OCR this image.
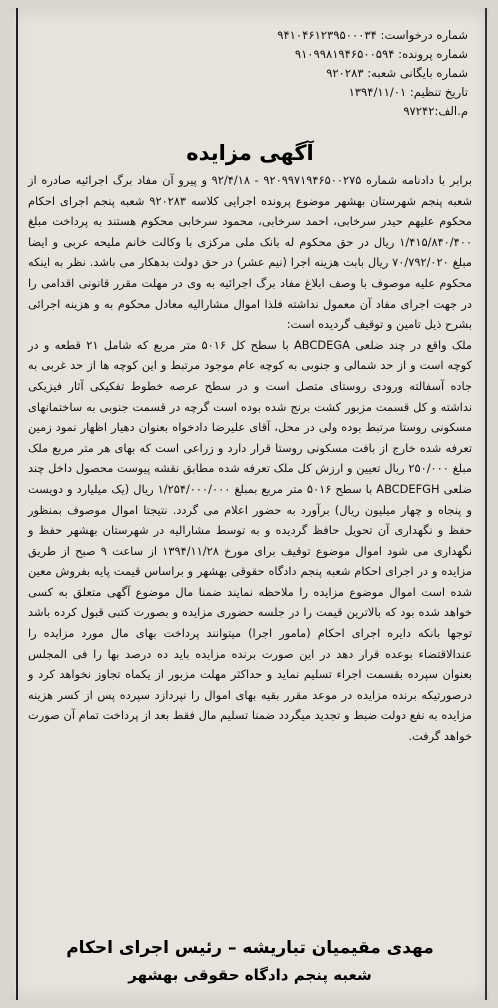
شماره درخواست: ۹۴۱۰۴۶۱۲۳۹۵۰۰۰۳۴
شماره پرونده: ۹۱۰۹۹۸۱۹۴۶۵۰۰۵۹۴
شماره بایگانی شعبه: ۹۲۰۲۸۳
تاریخ تنظیم: ۱۳۹۴/۱۱/۰۱
م.الف:۹۷۲۴۲
آگهی مزایده

برابر با دادنامه شماره ۹۲۰۹۹۷۱۹۴۶۵۰۰۲۷۵ - ۹۲/۴/۱۸ و پیرو آن مفاد برگ اجرائیه صادره از شعبه پنجم شهرستان بهشهر موضوع پرونده اجرایی کلاسه ۹۲۰۲۸۳ شعبه پنجم اجرای احکام محکوم علیهم حیدر سرخابی، احمد سرخابی، محمود سرخابی محکوم هستند به پرداخت مبلغ ۱/۴۱۵/۸۴۰/۴۰۰ ریال در حق محکوم له بانک ملی مرکزی با وکالت خانم ملیحه عربی و ایضا مبلغ ۷۰/۷۹۲/۰۲۰ ریال بابت هزینه اجرا (نیم عشر) در حق دولت بدهکار می باشد. نظر به اینکه محکوم علیه موصوف با وصف ابلاغ مفاد برگ اجرائیه به وی در مهلت مقرر قانونی اقدامی را در جهت اجرای مفاد آن معمول نداشته فلذا اموال مشارالیه معادل محکوم به و هزینه اجرائی بشرح ذیل تامین و توقیف گردیده است:

ملک واقع در چند ضلعی ABCDEGA با سطح کل ۵۰۱۶ متر مربع که شامل ۲۱ قطعه و در کوچه است و از حد شمالی و جنوبی به کوچه عام موجود مرتبط و این کوچه ها از حد غربی به جاده آسفالته ورودی روستای متصل است و در سطح عرصه خطوط تفکیکی آثار فیزیکی نداشته و کل قسمت مزبور کشت برنج شده بوده است گرچه در قسمت جنوبی به ساختمانهای مسکونی روستا مرتبط بوده ولی در محل، آقای علیرضا دادخواه بعنوان دهیار اظهار نمود زمین تعرفه شده خارج از بافت مسکونی روستا قرار دارد و زراعی است که بهای هر متر مربع ملک مبلغ ۲۵۰/۰۰۰ ریال تعیین و ارزش کل ملک تعرفه شده مطابق نقشه پیوست محصول داخل چند ضلعی ABCDEFGH با سطح ۵۰۱۶ متر مربع بمبلغ ۱/۲۵۴/۰۰۰/۰۰۰ ریال (یک میلیارد و دویست و پنجاه و چهار میلیون ریال) برآورد به حضور اعلام می گردد. نتیجتا اموال موصوف بمنظور حفظ و نگهداری آن تحویل حافظ گردیده و به توسط مشارالیه در شهرستان بهشهر حفظ و نگهداری می شود اموال موضوع توقیف برای مورخ ۱۳۹۴/۱۱/۲۸ از ساعت ۹ صبح از طریق مزایده و در اجرای احکام شعبه پنجم دادگاه حقوقی بهشهر و براساس قیمت پایه بفروش معین شده است اموال موضوع مزایده را ملاحظه نمایند ضمنا مال موضوع آگهی متعلق به کسی خواهد شده بود که بالاترین قیمت را در جلسه حضوری مزایده و بصورت کتبی قبول کرده باشد توجها بانکه دایره اجرای احکام (مامور اجرا) میتوانند پرداخت بهای مال مورد مزایده را عندالاقتضاء بوعده قرار دهد در این صورت برنده مزایده باید ده درصد بها را فی المجلس بعنوان سپرده بقسمت اجراء تسلیم نماید و حداکثر مهلت مزبور از یکماه تجاوز نخواهد کرد و درصورتیکه برنده مزایده در موعد مقرر بقیه بهای اموال را نپردازد سپرده پس از کسر هزینه مزایده به نفع دولت ضبط و تجدید میگردد ضمنا تسلیم مال فقط بعد از پرداخت تمام آن صورت خواهد گرفت.

مهدی مقیمیان تباریشه – رئیس اجرای احکام
شعبه پنجم دادگاه حقوقی بهشهر
